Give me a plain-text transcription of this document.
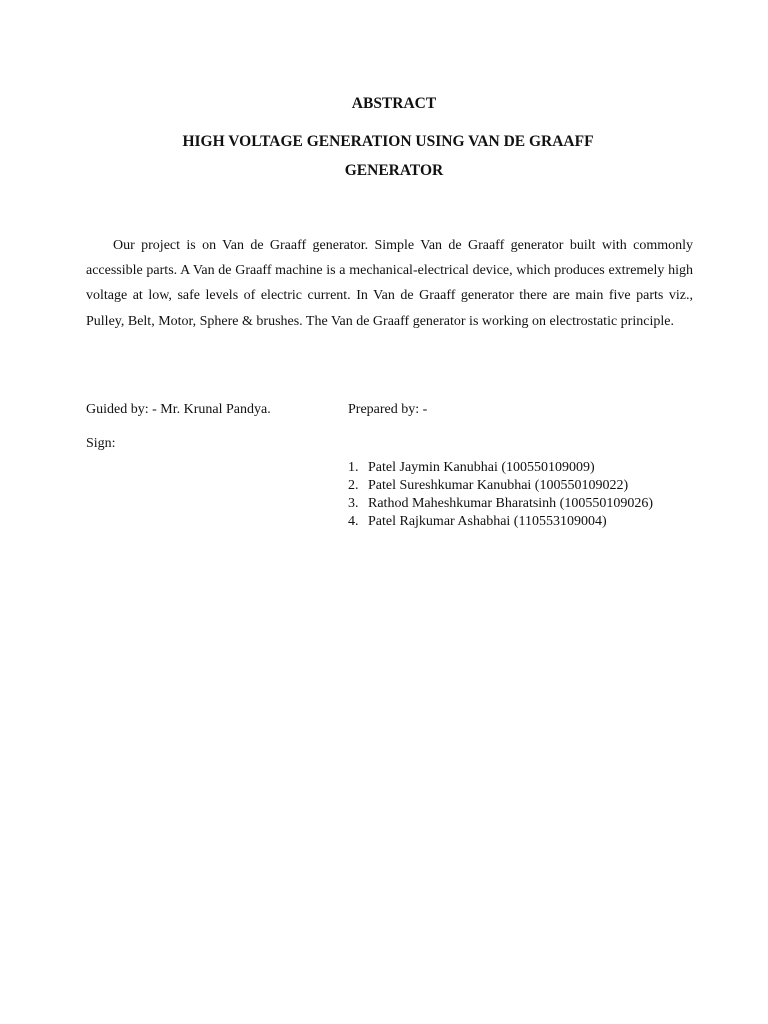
ABSTRACT
HIGH VOLTAGE GENERATION USING VAN DE GRAAFF
GENERATOR

Our project is on Van de Graaff generator. Simple Van de Graaff generator built with commonly accessible parts. A Van de Graaff machine is a mechanical-electrical device, which produces extremely high voltage at low, safe levels of electric current. In Van de Graaff generator there are main five parts viz., Pulley, Belt, Motor, Sphere & brushes. The Van de Graaff generator is working on electrostatic principle.

Guided by: - Mr. Krunal Pandya.	Prepared by: -

Sign:

1. Patel Jaymin Kanubhai (100550109009)
2. Patel Sureshkumar Kanubhai (100550109022)
3. Rathod Maheshkumar Bharatsinh (100550109026)
4. Patel Rajkumar Ashabhai (110553109004)
